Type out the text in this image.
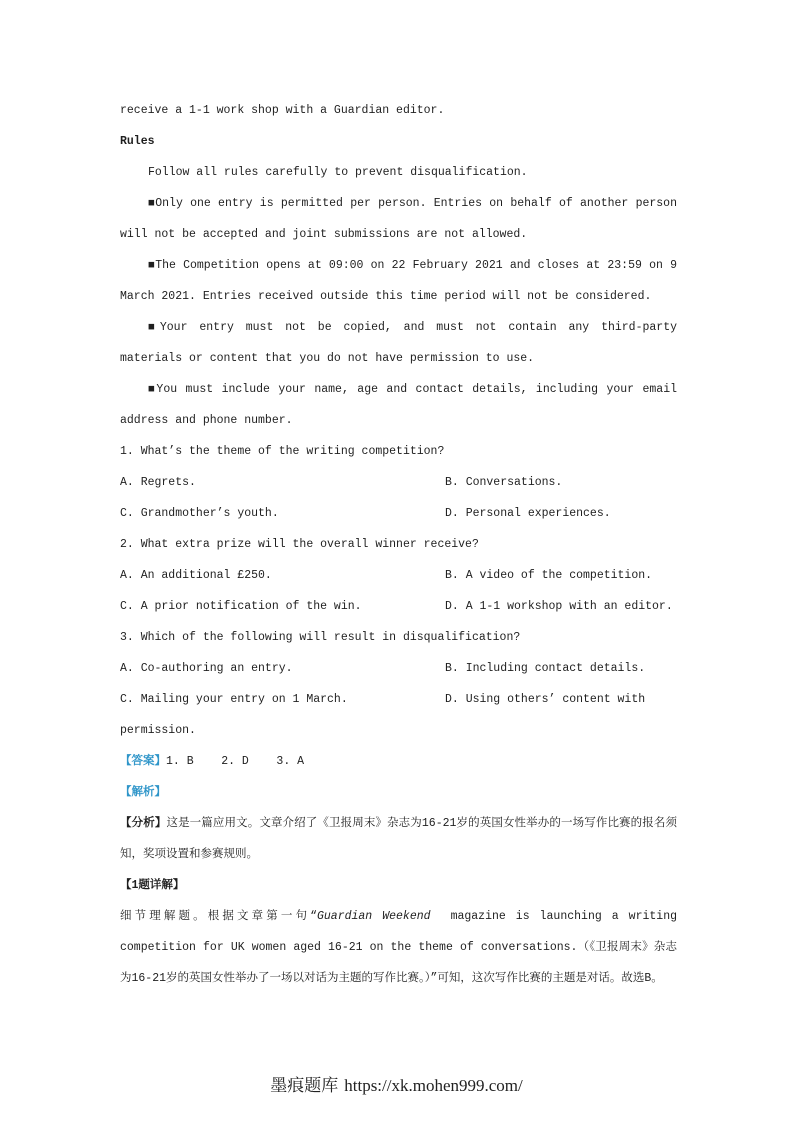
receive a 1-1 work shop with a Guardian editor.

Rules

Follow all rules carefully to prevent disqualification.

■Only one entry is permitted per person. Entries on behalf of another person will not be accepted and joint submissions are not allowed.

■The Competition opens at 09:00 on 22 February 2021 and closes at 23:59 on 9 March 2021. Entries received outside this time period will not be considered.

■Your entry must not be copied, and must not contain any third-party materials or content that you do not have permission to use.

■You must include your name, age and contact details, including your email address and phone number.

1. What’s the theme of the writing competition?

A. Regrets.	B. Conversations.
C. Grandmother’s youth.	D. Personal experiences.

2. What extra prize will the overall winner receive?

A. An additional £250.	B. A video of the competition.
C. A prior notification of the win.	D. A 1-1 workshop with an editor.

3. Which of the following will result in disqualification?

A. Co-authoring an entry.	B. Including contact details.
C. Mailing your entry on 1 March.	D. Using others’ content with
permission.

【答案】1. B    2. D    3. A

【解析】

【分析】这是一篇应用文。文章介绍了《卫报周末》杂志为16-21岁的英国女性举办的一场写作比赛的报名须知，奖项设置和参赛规则。

【1题详解】

细节理解题。根据文章第一句“Guardian Weekend  magazine is launching a writing competition for UK women aged 16-21 on the theme of conversations.（《卫报周末》杂志为16-21岁的英国女性举办了一场以对话为主题的写作比赛。）”可知，这次写作比赛的主题是对话。故选B。

墨痕题库 https://xk.mohen999.com/
